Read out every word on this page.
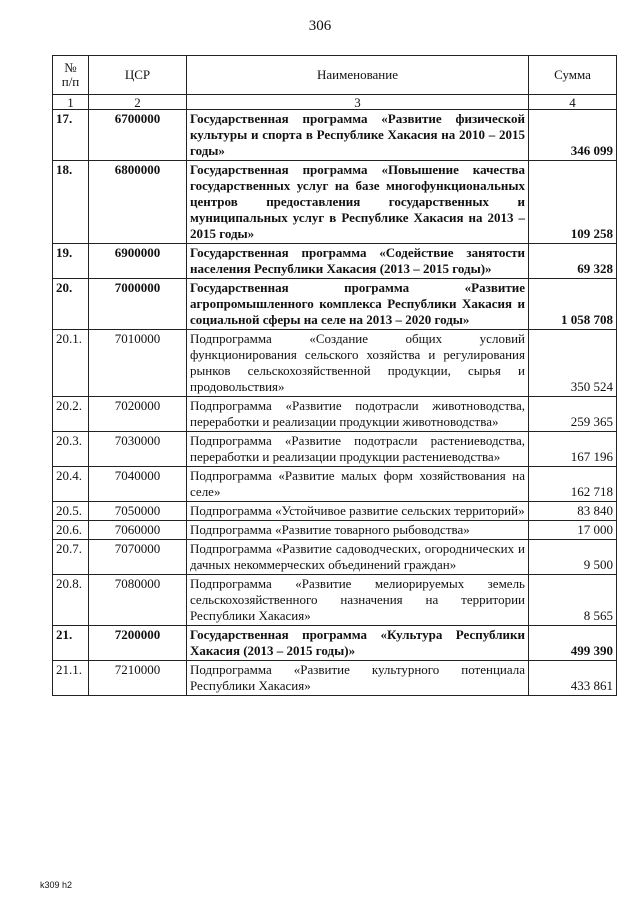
306
№
п/п	ЦСР	Наименование	Сумма
1	2	3	4
17.	6700000	Государственная программа «Развитие физической культуры и спорта в Республике Хакасия на 2010 – 2015 годы»	346 099
18.	6800000	Государственная программа «Повышение качества государственных услуг на базе многофункциональных центров предоставления государственных и муниципальных услуг в Республике Хакасия на 2013 – 2015 годы»	109 258
19.	6900000	Государственная программа «Содействие занятости населения Республики Хакасия (2013 – 2015 годы)»	69 328
20.	7000000	Государственная программа «Развитие агропромышленного комплекса Республики Хакасия и социальной сферы на селе на 2013 – 2020 годы»	1 058 708
20.1.	7010000	Подпрограмма «Создание общих условий функционирования сельского хозяйства и регулирования рынков сельскохозяйственной продукции, сырья и продовольствия»	350 524
20.2.	7020000	Подпрограмма «Развитие подотрасли животноводства, переработки и реализации продукции животноводства»	259 365
20.3.	7030000	Подпрограмма «Развитие подотрасли растениеводства, переработки и реализации продукции растениеводства»	167 196
20.4.	7040000	Подпрограмма «Развитие малых форм хозяйствования на селе»	162 718
20.5.	7050000	Подпрограмма «Устойчивое развитие сельских территорий»	83 840
20.6.	7060000	Подпрограмма «Развитие товарного рыбоводства»	17 000
20.7.	7070000	Подпрограмма «Развитие садоводческих, огороднических и дачных некоммерческих объединений граждан»	9 500
20.8.	7080000	Подпрограмма «Развитие мелиорируемых земель сельскохозяйственного назначения на территории Республики Хакасия»	8 565
21.	7200000	Государственная программа «Культура Республики Хакасия (2013 – 2015 годы)»	499 390
21.1.	7210000	Подпрограмма «Развитие культурного потенциала Республики Хакасия»	433 861
k309 h2
